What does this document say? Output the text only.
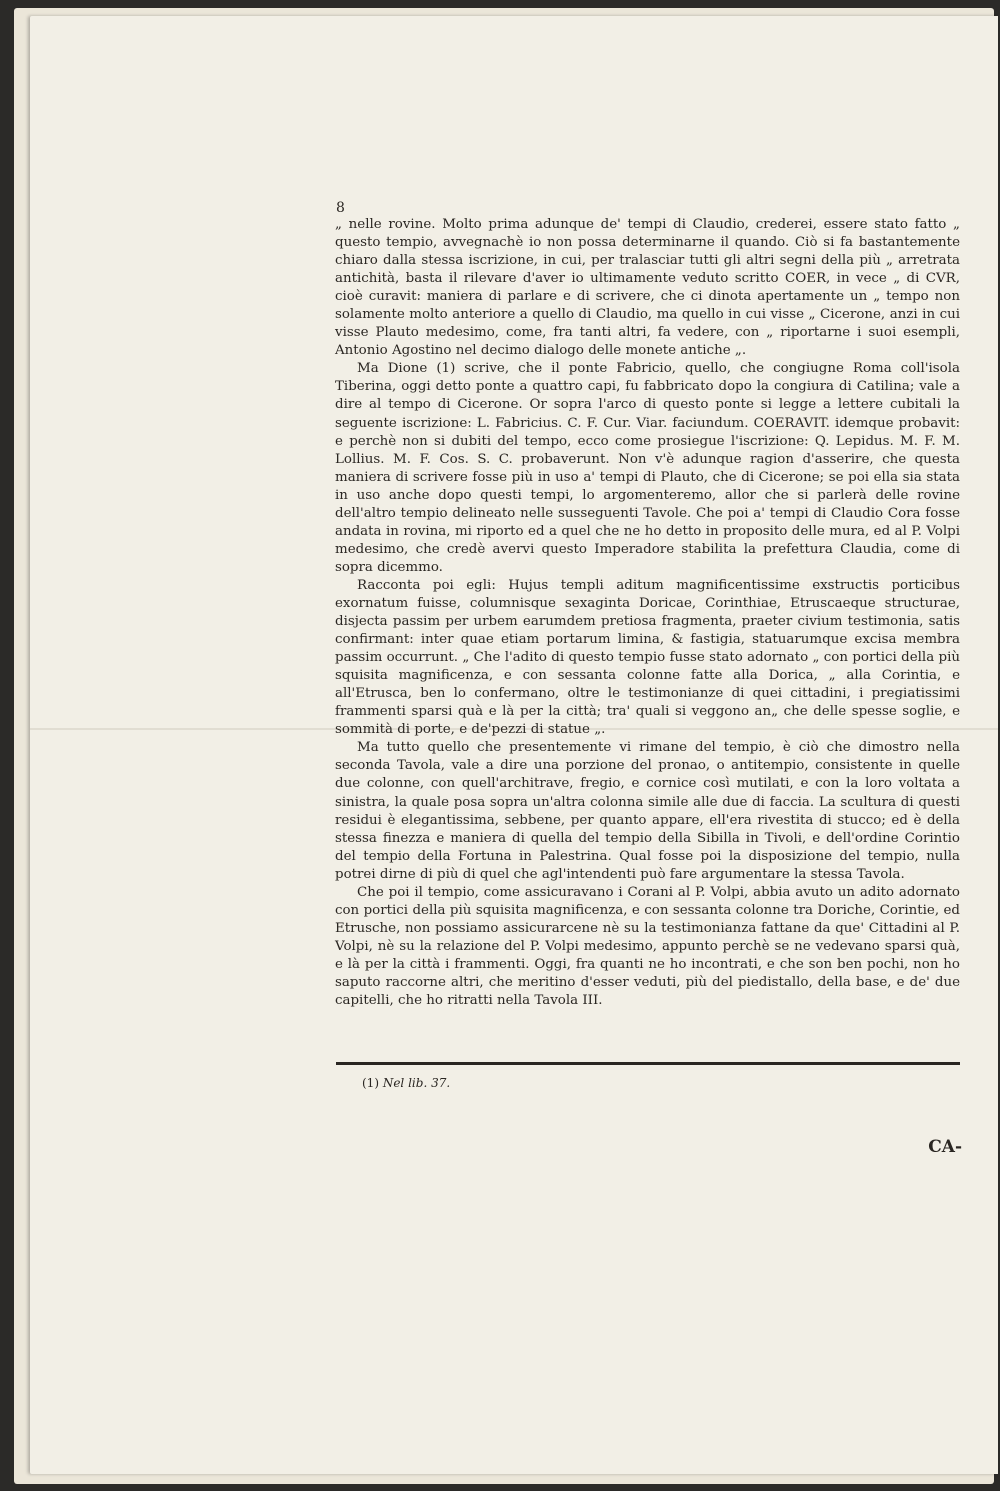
8

„ nelle rovine. Molto prima adunque de' tempi di Claudio, crederei, essere stato fatto „ questo tempio, avvegnachè io non possa determinarne il quando. Ciò si fa bastantemente chiaro dalla stessa iscrizione, in cui, per tralasciar tutti gli altri segni della più „ arretrata antichità, basta il rilevare d'aver io ultimamente veduto scritto COER, in vece „ di CVR, cioè curavit: maniera di parlare e di scrivere, che ci dinota apertamente un „ tempo non solamente molto anteriore a quello di Claudio, ma quello in cui visse „ Cicerone, anzi in cui visse Plauto medesimo, come, fra tanti altri, fa vedere, con „ riportarne i suoi esempli, Antonio Agostino nel decimo dialogo delle monete antiche „.

Ma Dione (1) scrive, che il ponte Fabricio, quello, che congiugne Roma coll'isola Tiberina, oggi detto ponte a quattro capi, fu fabbricato dopo la congiura di Catilina; vale a dire al tempo di Cicerone. Or sopra l'arco di questo ponte si legge a lettere cubitali la seguente iscrizione: L. Fabricius. C. F. Cur. Viar. faciundum. COERAVIT. idemque probavit: e perchè non si dubiti del tempo, ecco come prosiegue l'iscrizione: Q. Lepidus. M. F. M. Lollius. M. F. Cos. S. C. probaverunt. Non v'è adunque ragion d'asserire, che questa maniera di scrivere fosse più in uso a' tempi di Plauto, che di Cicerone; se poi ella sia stata in uso anche dopo questi tempi, lo argomenteremo, allor che si parlerà delle rovine dell'altro tempio delineato nelle susseguenti Tavole. Che poi a' tempi di Claudio Cora fosse andata in rovina, mi riporto ed a quel che ne ho detto in proposito delle mura, ed al P. Volpi medesimo, che credè avervi questo Imperadore stabilita la prefettura Claudia, come di sopra dicemmo.

Racconta poi egli: Hujus templi aditum magnificentissime exstructis porticibus exornatum fuisse, columnisque sexaginta Doricae, Corinthiae, Etruscaeque structurae, disjecta passim per urbem earumdem pretiosa fragmenta, praeter civium testimonia, satis confirmant: inter quae etiam portarum limina, & fastigia, statuarumque excisa membra passim occurrunt. „ Che l'adito di questo tempio fusse stato adornato „ con portici della più squisita magnificenza, e con sessanta colonne fatte alla Dorica, „ alla Corintia, e all'Etrusca, ben lo confermano, oltre le testimonianze di quei cittadini, i pregiatissimi frammenti sparsi quà e là per la città; tra' quali si veggono an„ che delle spesse soglie, e sommità di porte, e de'pezzi di statue „.

Ma tutto quello che presentemente vi rimane del tempio, è ciò che dimostro nella seconda Tavola, vale a dire una porzione del pronao, o antitempio, consistente in quelle due colonne, con quell'architrave, fregio, e cornice così mutilati, e con la loro voltata a sinistra, la quale posa sopra un'altra colonna simile alle due di faccia. La scultura di questi residui è elegantissima, sebbene, per quanto appare, ell'era rivestita di stucco; ed è della stessa finezza e maniera di quella del tempio della Sibilla in Tivoli, e dell'ordine Corintio del tempio della Fortuna in Palestrina. Qual fosse poi la disposizione del tempio, nulla potrei dirne di più di quel che agl'intendenti può fare argumentare la stessa Tavola.

Che poi il tempio, come assicuravano i Corani al P. Volpi, abbia avuto un adito adornato con portici della più squisita magnificenza, e con sessanta colonne tra Doriche, Corintie, ed Etrusche, non possiamo assicurarcene nè su la testimonianza fattane da que' Cittadini al P. Volpi, nè su la relazione del P. Volpi medesimo, appunto perchè se ne vedevano sparsi quà, e là per la città i frammenti. Oggi, fra quanti ne ho incontrati, e che son ben pochi, non ho saputo raccorne altri, che meritino d'esser veduti, più del piedistallo, della base, e de' due capitelli, che ho ritratti nella Tavola III.

(1) Nel lib. 37.
CA-
